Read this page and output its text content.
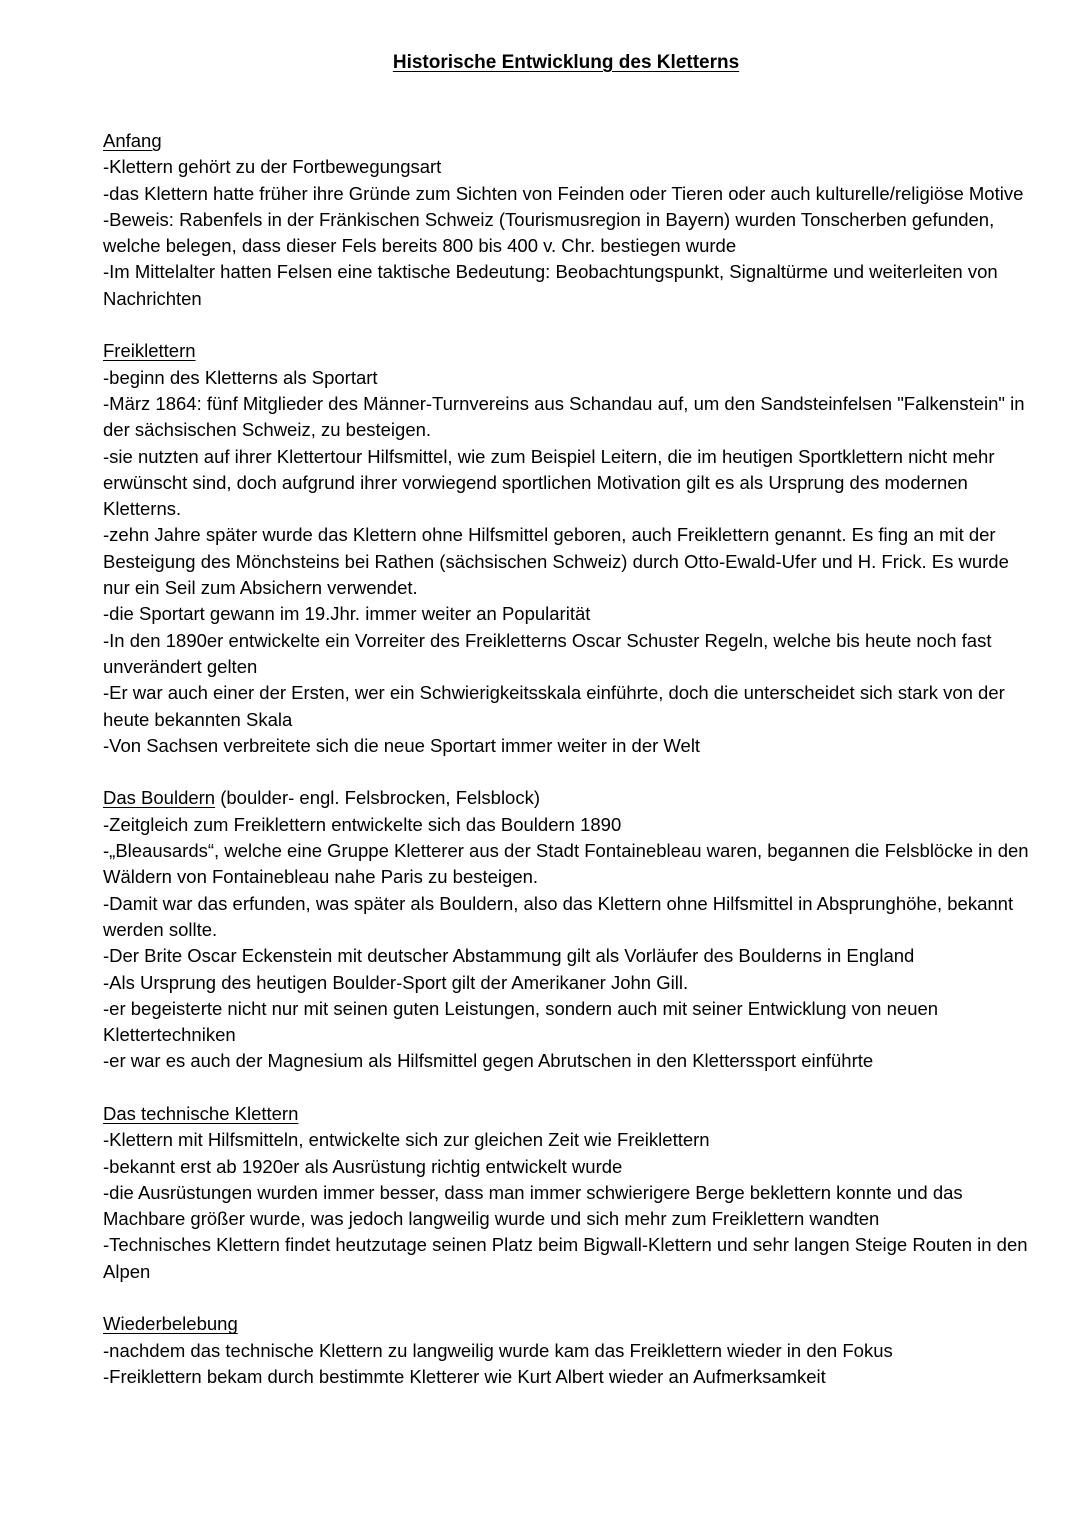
Historische Entwicklung des Kletterns

Anfang

-Klettern gehört zu der Fortbewegungsart

-das Klettern hatte früher ihre Gründe zum Sichten von Feinden oder Tieren oder auch kulturelle/religiöse Motive

-Beweis: Rabenfels in der Fränkischen Schweiz (Tourismusregion in Bayern) wurden Tonscherben gefunden, welche belegen, dass dieser Fels bereits 800 bis 400 v. Chr. bestiegen wurde

-Im Mittelalter hatten Felsen eine taktische Bedeutung: Beobachtungspunkt, Signaltürme und weiterleiten von Nachrichten

Freiklettern

-beginn des Kletterns als Sportart

-März 1864: fünf Mitglieder des Männer-Turnvereins aus Schandau auf, um den Sandsteinfelsen "Falkenstein" in der sächsischen Schweiz, zu besteigen.

-sie nutzten auf ihrer Klettertour Hilfsmittel, wie zum Beispiel Leitern, die im heutigen Sportklettern nicht mehr erwünscht sind, doch aufgrund ihrer vorwiegend sportlichen Motivation gilt es als Ursprung des modernen Kletterns.

-zehn Jahre später wurde das Klettern ohne Hilfsmittel geboren, auch Freiklettern genannt. Es fing an mit der Besteigung des Mönchsteins bei Rathen (sächsischen Schweiz) durch Otto-Ewald-Ufer und H. Frick. Es wurde nur ein Seil zum Absichern verwendet.

-die Sportart gewann im 19.Jhr. immer weiter an Popularität

-In den 1890er entwickelte ein Vorreiter des Freikletterns Oscar Schuster Regeln, welche bis heute noch fast unverändert gelten

-Er war auch einer der Ersten, wer ein Schwierigkeitsskala einführte, doch die unterscheidet sich stark von der heute bekannten Skala

-Von Sachsen verbreitete sich die neue Sportart immer weiter in der Welt

Das Bouldern (boulder- engl. Felsbrocken, Felsblock)

-Zeitgleich zum Freiklettern entwickelte sich das Bouldern 1890

-„Bleausards“, welche eine Gruppe Kletterer aus der Stadt Fontainebleau waren, begannen die Felsblöcke in den Wäldern von Fontainebleau nahe Paris zu besteigen.

-Damit war das erfunden, was später als Bouldern, also das Klettern ohne Hilfsmittel in Absprunghöhe, bekannt werden sollte.

-Der Brite Oscar Eckenstein mit deutscher Abstammung gilt als Vorläufer des Boulderns in England

-Als Ursprung des heutigen Boulder-Sport gilt der Amerikaner John Gill.

-er begeisterte nicht nur mit seinen guten Leistungen, sondern auch mit seiner Entwicklung von neuen Klettertechniken

-er war es auch der Magnesium als Hilfsmittel gegen Abrutschen in den Kletterssport einführte

Das technische Klettern

-Klettern mit Hilfsmitteln, entwickelte sich zur gleichen Zeit wie Freiklettern

-bekannt erst ab 1920er als Ausrüstung richtig entwickelt wurde

-die Ausrüstungen wurden immer besser, dass man immer schwierigere Berge beklettern konnte und das Machbare größer wurde, was jedoch langweilig wurde und sich mehr zum Freiklettern wandten

-Technisches Klettern findet heutzutage seinen Platz beim Bigwall-Klettern und sehr langen Steige Routen in den Alpen

Wiederbelebung

-nachdem das technische Klettern zu langweilig wurde kam das Freiklettern wieder in den Fokus

-Freiklettern bekam durch bestimmte Kletterer wie Kurt Albert wieder an Aufmerksamkeit
